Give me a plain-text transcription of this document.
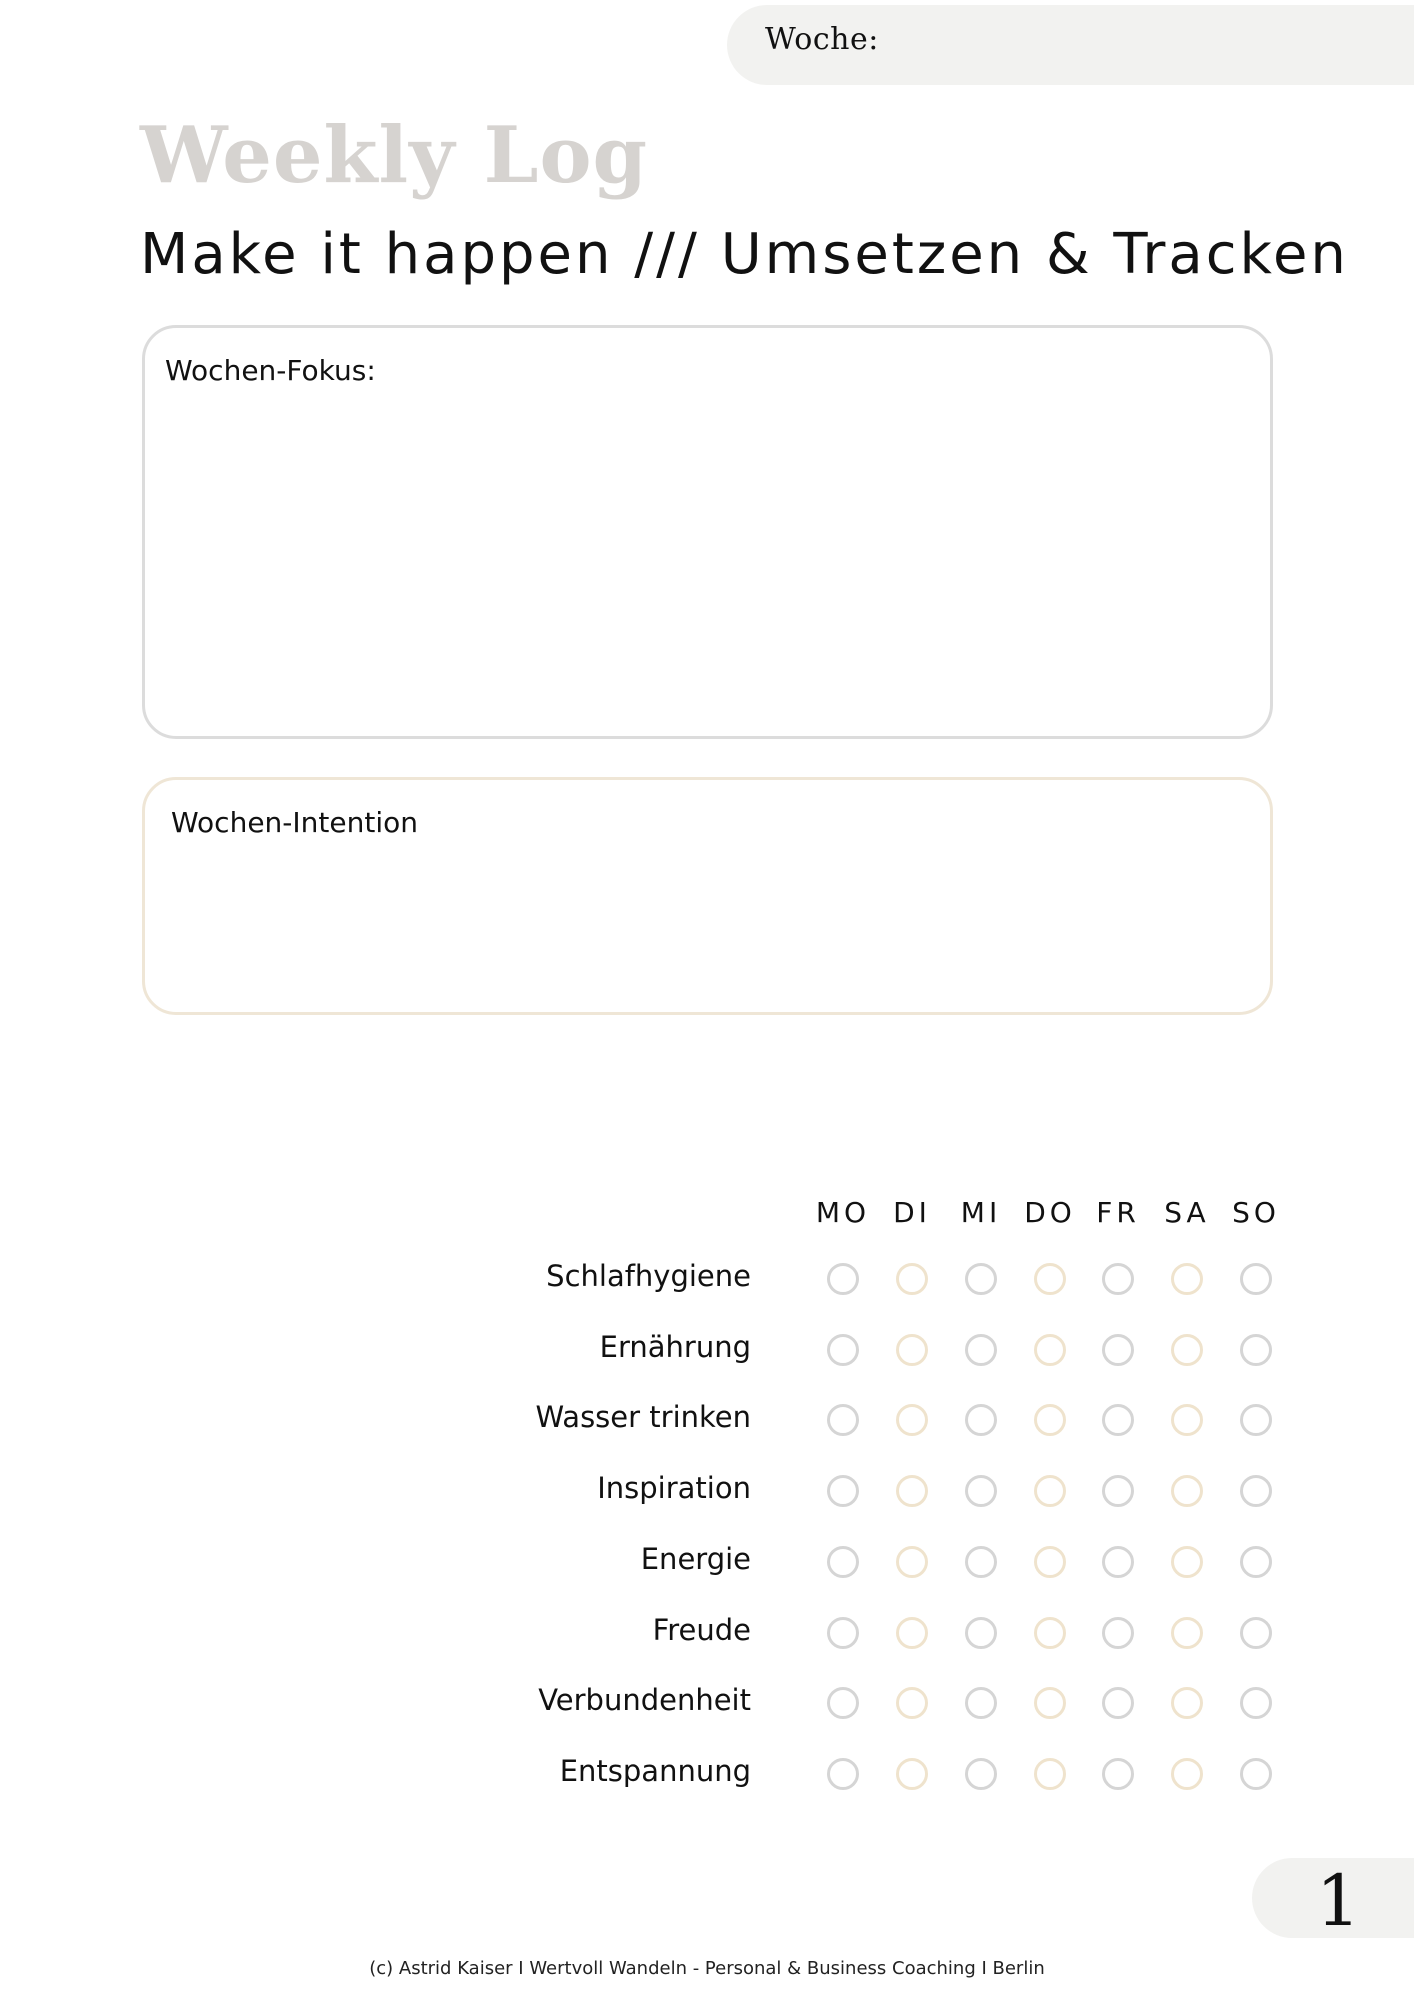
Woche:
Weekly Log
Make it happen /// Umsetzen & Tracken
Wochen-Fokus:
Wochen-Intention
MO DI	MI DO FR SA SO
Schlafhygiene
Ernährung
Wasser trinken
Inspiration
Energie
Freude
Verbundenheit
Entspannung
1
(c) Astrid Kaiser I Wertvoll Wandeln - Personal & Business Coaching I Berlin
